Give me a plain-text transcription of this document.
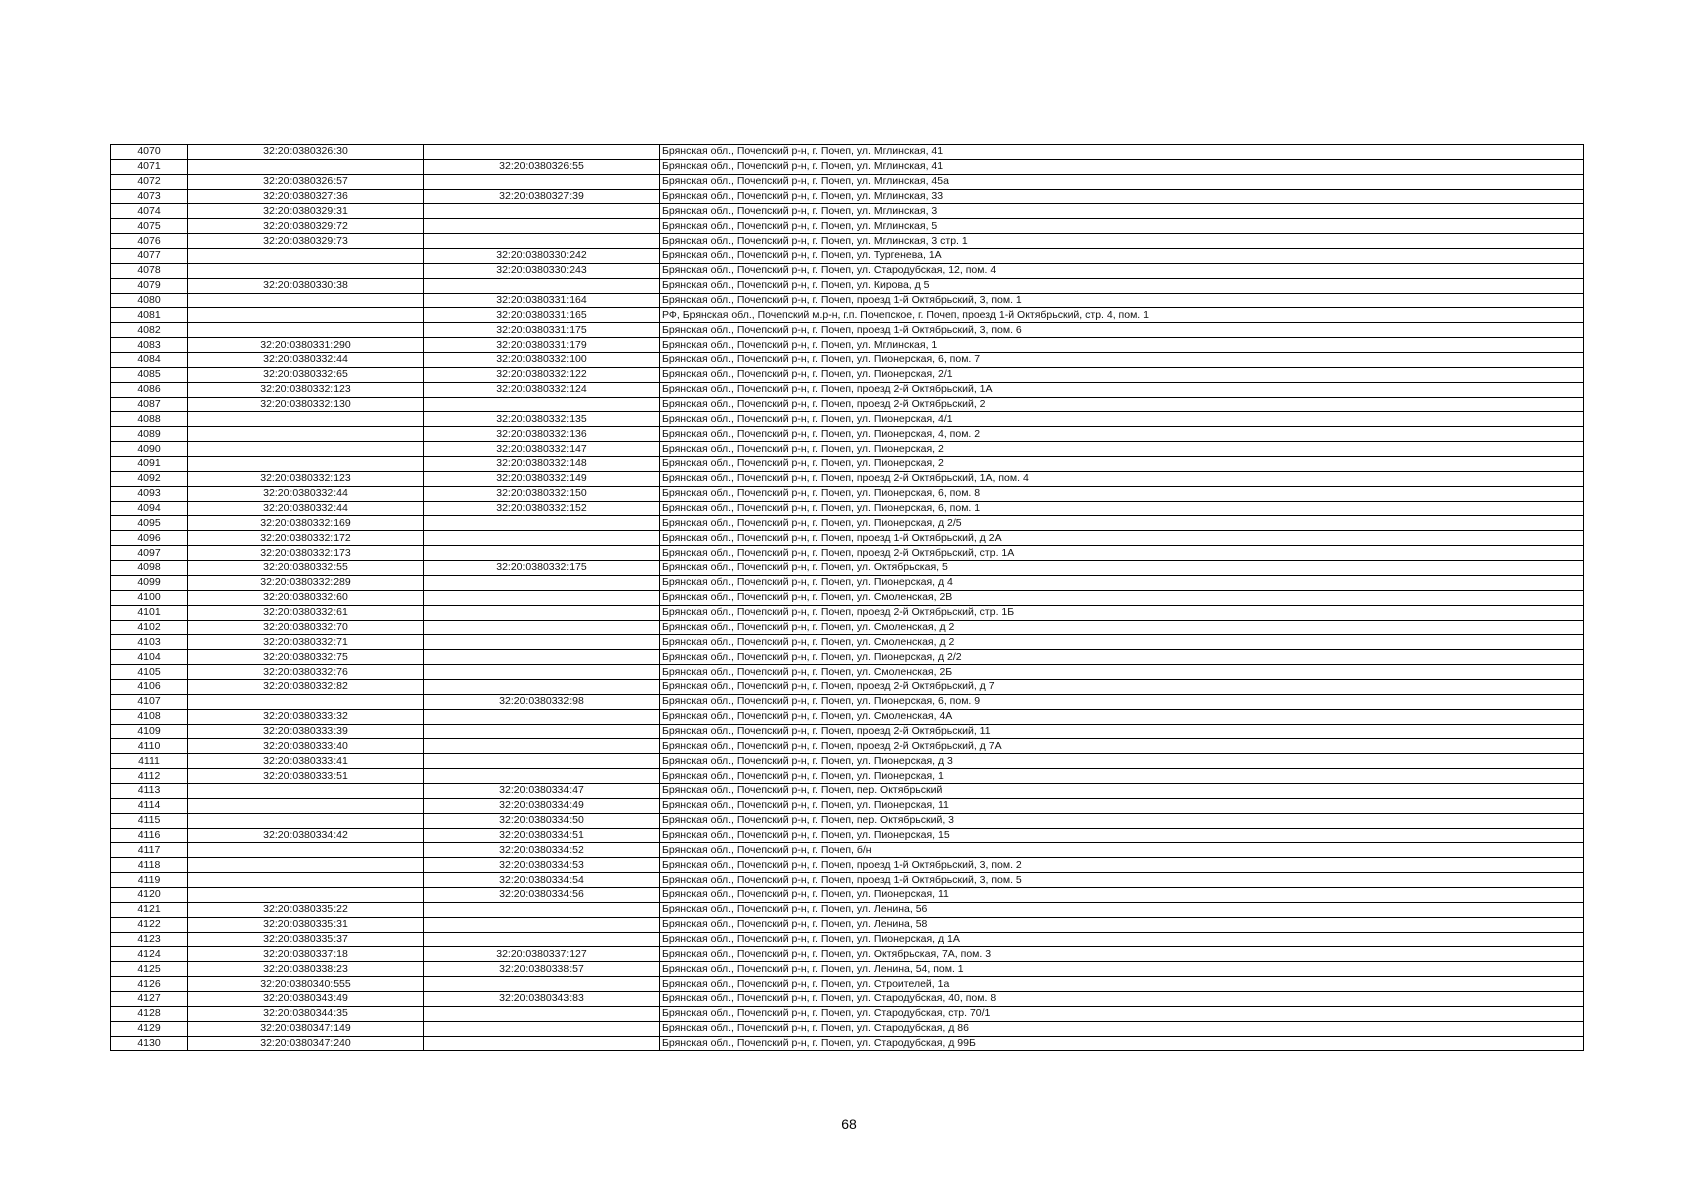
4070	32:20:0380326:30		Брянская обл., Почепский р-н, г. Почеп, ул. Мглинская, 41
4071		32:20:0380326:55	Брянская обл., Почепский р-н, г. Почеп, ул. Мглинская, 41
4072	32:20:0380326:57		Брянская обл., Почепский р-н, г. Почеп, ул. Мглинская, 45а
4073	32:20:0380327:36	32:20:0380327:39	Брянская обл., Почепский р-н, г. Почеп, ул. Мглинская, 33
4074	32:20:0380329:31		Брянская обл., Почепский р-н, г. Почеп, ул. Мглинская, 3
4075	32:20:0380329:72		Брянская обл., Почепский р-н, г. Почеп, ул. Мглинская, 5
4076	32:20:0380329:73		Брянская обл., Почепский р-н, г. Почеп, ул. Мглинская, 3 стр. 1
4077		32:20:0380330:242	Брянская обл., Почепский р-н, г. Почеп, ул. Тургенева, 1А
4078		32:20:0380330:243	Брянская обл., Почепский р-н, г. Почеп, ул. Стародубская, 12, пом. 4
4079	32:20:0380330:38		Брянская обл., Почепский р-н, г. Почеп, ул. Кирова, д 5
4080		32:20:0380331:164	Брянская обл., Почепский р-н, г. Почеп, проезд 1-й Октябрьский, 3, пом. 1
4081		32:20:0380331:165	РФ, Брянская обл., Почепский м.р-н, г.п. Почепское, г. Почеп, проезд 1-й Октябрьский, стр. 4, пом. 1
4082		32:20:0380331:175	Брянская обл., Почепский р-н, г. Почеп, проезд 1-й Октябрьский, 3, пом. 6
4083	32:20:0380331:290	32:20:0380331:179	Брянская обл., Почепский р-н, г. Почеп, ул. Мглинская, 1
4084	32:20:0380332:44	32:20:0380332:100	Брянская обл., Почепский р-н, г. Почеп, ул. Пионерская, 6, пом. 7
4085	32:20:0380332:65	32:20:0380332:122	Брянская обл., Почепский р-н, г. Почеп, ул. Пионерская, 2/1
4086	32:20:0380332:123	32:20:0380332:124	Брянская обл., Почепский р-н, г. Почеп, проезд 2-й Октябрьский, 1А
4087	32:20:0380332:130		Брянская обл., Почепский р-н, г. Почеп, проезд 2-й Октябрьский, 2
4088		32:20:0380332:135	Брянская обл., Почепский р-н, г. Почеп, ул. Пионерская, 4/1
4089		32:20:0380332:136	Брянская обл., Почепский р-н, г. Почеп, ул. Пионерская, 4, пом. 2
4090		32:20:0380332:147	Брянская обл., Почепский р-н, г. Почеп, ул. Пионерская, 2
4091		32:20:0380332:148	Брянская обл., Почепский р-н, г. Почеп, ул. Пионерская, 2
4092	32:20:0380332:123	32:20:0380332:149	Брянская обл., Почепский р-н, г. Почеп, проезд 2-й Октябрьский, 1А, пом. 4
4093	32:20:0380332:44	32:20:0380332:150	Брянская обл., Почепский р-н, г. Почеп, ул. Пионерская, 6, пом. 8
4094	32:20:0380332:44	32:20:0380332:152	Брянская обл., Почепский р-н, г. Почеп, ул. Пионерская, 6, пом. 1
4095	32:20:0380332:169		Брянская обл., Почепский р-н, г. Почеп, ул. Пионерская, д 2/5
4096	32:20:0380332:172		Брянская обл., Почепский р-н, г. Почеп, проезд 1-й Октябрьский, д 2А
4097	32:20:0380332:173		Брянская обл., Почепский р-н, г. Почеп, проезд 2-й Октябрьский, стр. 1А
4098	32:20:0380332:55	32:20:0380332:175	Брянская обл., Почепский р-н, г. Почеп, ул. Октябрьская, 5
4099	32:20:0380332:289		Брянская обл., Почепский р-н, г. Почеп, ул. Пионерская, д 4
4100	32:20:0380332:60		Брянская обл., Почепский р-н, г. Почеп, ул. Смоленская, 2В
4101	32:20:0380332:61		Брянская обл., Почепский р-н, г. Почеп, проезд 2-й Октябрьский, стр. 1Б
4102	32:20:0380332:70		Брянская обл., Почепский р-н, г. Почеп, ул. Смоленская, д 2
4103	32:20:0380332:71		Брянская обл., Почепский р-н, г. Почеп, ул. Смоленская, д 2
4104	32:20:0380332:75		Брянская обл., Почепский р-н, г. Почеп, ул. Пионерская, д 2/2
4105	32:20:0380332:76		Брянская обл., Почепский р-н, г. Почеп, ул. Смоленская, 2Б
4106	32:20:0380332:82		Брянская обл., Почепский р-н, г. Почеп, проезд 2-й Октябрьский, д 7
4107		32:20:0380332:98	Брянская обл., Почепский р-н, г. Почеп, ул. Пионерская, 6, пом. 9
4108	32:20:0380333:32		Брянская обл., Почепский р-н, г. Почеп, ул. Смоленская, 4А
4109	32:20:0380333:39		Брянская обл., Почепский р-н, г. Почеп, проезд 2-й Октябрьский, 11
4110	32:20:0380333:40		Брянская обл., Почепский р-н, г. Почеп, проезд 2-й Октябрьский, д 7А
4111	32:20:0380333:41		Брянская обл., Почепский р-н, г. Почеп, ул. Пионерская, д 3
4112	32:20:0380333:51		Брянская обл., Почепский р-н, г. Почеп, ул. Пионерская, 1
4113		32:20:0380334:47	Брянская обл., Почепский р-н, г. Почеп, пер. Октябрьский
4114		32:20:0380334:49	Брянская обл., Почепский р-н, г. Почеп, ул. Пионерская, 11
4115		32:20:0380334:50	Брянская обл., Почепский р-н, г. Почеп, пер. Октябрьский, 3
4116	32:20:0380334:42	32:20:0380334:51	Брянская обл., Почепский р-н, г. Почеп, ул. Пионерская, 15
4117		32:20:0380334:52	Брянская обл., Почепский р-н, г. Почеп, б/н
4118		32:20:0380334:53	Брянская обл., Почепский р-н, г. Почеп, проезд 1-й Октябрьский, 3, пом. 2
4119		32:20:0380334:54	Брянская обл., Почепский р-н, г. Почеп, проезд 1-й Октябрьский, 3, пом. 5
4120		32:20:0380334:56	Брянская обл., Почепский р-н, г. Почеп, ул. Пионерская, 11
4121	32:20:0380335:22		Брянская обл., Почепский р-н, г. Почеп, ул. Ленина, 56
4122	32:20:0380335:31		Брянская обл., Почепский р-н, г. Почеп, ул. Ленина, 58
4123	32:20:0380335:37		Брянская обл., Почепский р-н, г. Почеп, ул. Пионерская, д 1А
4124	32:20:0380337:18	32:20:0380337:127	Брянская обл., Почепский р-н, г. Почеп, ул. Октябрьская, 7А, пом. 3
4125	32:20:0380338:23	32:20:0380338:57	Брянская обл., Почепский р-н, г. Почеп, ул. Ленина, 54, пом. 1
4126	32:20:0380340:555		Брянская обл., Почепский р-н, г. Почеп, ул. Строителей, 1а
4127	32:20:0380343:49	32:20:0380343:83	Брянская обл., Почепский р-н, г. Почеп, ул. Стародубская, 40, пом. 8
4128	32:20:0380344:35		Брянская обл., Почепский р-н, г. Почеп, ул. Стародубская, стр. 70/1
4129	32:20:0380347:149		Брянская обл., Почепский р-н, г. Почеп, ул. Стародубская, д 86
4130	32:20:0380347:240		Брянская обл., Почепский р-н, г. Почеп, ул. Стародубская, д 99Б
68
